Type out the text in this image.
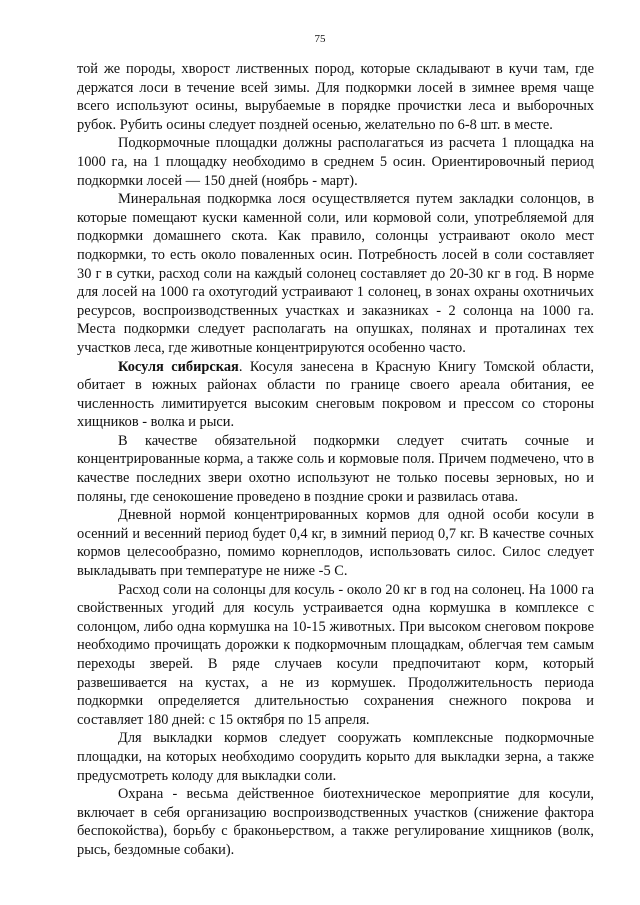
75

той же породы, хворост лиственных пород, которые складывают в кучи там, где держатся лоси в течение всей зимы. Для подкормки лосей в зимнее время чаще всего используют осины, вырубаемые в порядке прочистки леса и выборочных рубок. Рубить осины следует поздней осенью, желательно по 6-8 шт. в месте.

Подкормочные площадки должны располагаться из расчета 1 площадка на 1000 га, на 1 площадку необходимо в среднем 5 осин. Ориентировочный период подкормки лосей — 150 дней (ноябрь - март).

Минеральная подкормка лося осуществляется путем закладки солонцов, в которые помещают куски каменной соли, или кормовой соли, употребляемой для подкормки домашнего скота. Как правило, солонцы устраивают около мест подкормки, то есть около поваленных осин. Потребность лосей в соли составляет 30 г в сутки, расход соли на каждый солонец составляет до 20-30 кг в год. В норме для лосей на 1000 га охотугодий устраивают 1 солонец, в зонах охраны охотничьих ресурсов, воспроизводственных участках и заказниках - 2 солонца на 1000 га. Места подкормки следует располагать на опушках, полянах и проталинах тех участков леса, где животные концентрируются особенно часто.

Косуля сибирская. Косуля занесена в Красную Книгу Томской области, обитает в южных районах области по границе своего ареала обитания, ее численность лимитируется высоким снеговым покровом и прессом со стороны хищников - волка и рыси.

В качестве обязательной подкормки следует считать сочные и концентрированные корма, а также соль и кормовые поля. Причем подмечено, что в качестве последних звери охотно используют не только посевы зерновых, но и поляны, где сенокошение проведено в поздние сроки и развилась отава.

Дневной нормой концентрированных кормов для одной особи косули в осенний и весенний период будет 0,4 кг, в зимний период 0,7 кг. В качестве сочных кормов целесообразно, помимо корнеплодов, использовать силос. Силос следует выкладывать при температуре не ниже -5 С.

Расход соли на солонцы для косуль - около 20 кг в год на солонец. На 1000 га свойственных угодий для косуль устраивается одна кормушка в комплексе с солонцом, либо одна кормушка на 10-15 животных. При высоком снеговом покрове необходимо прочищать дорожки к подкормочным площадкам, облегчая тем самым переходы зверей. В ряде случаев косули предпочитают корм, который развешивается на кустах, а не из кормушек. Продолжительность периода подкормки определяется длительностью сохранения снежного покрова и составляет 180 дней: с 15 октября по 15 апреля.

Для выкладки кормов следует сооружать комплексные подкормочные площадки, на которых необходимо соорудить корыто для выкладки зерна, а также предусмотреть колоду для выкладки соли.

Охрана - весьма действенное биотехническое мероприятие для косули, включает в себя организацию воспроизводственных участков (снижение фактора беспокойства), борьбу с браконьерством, а также регулирование хищников (волк, рысь, бездомные собаки).
